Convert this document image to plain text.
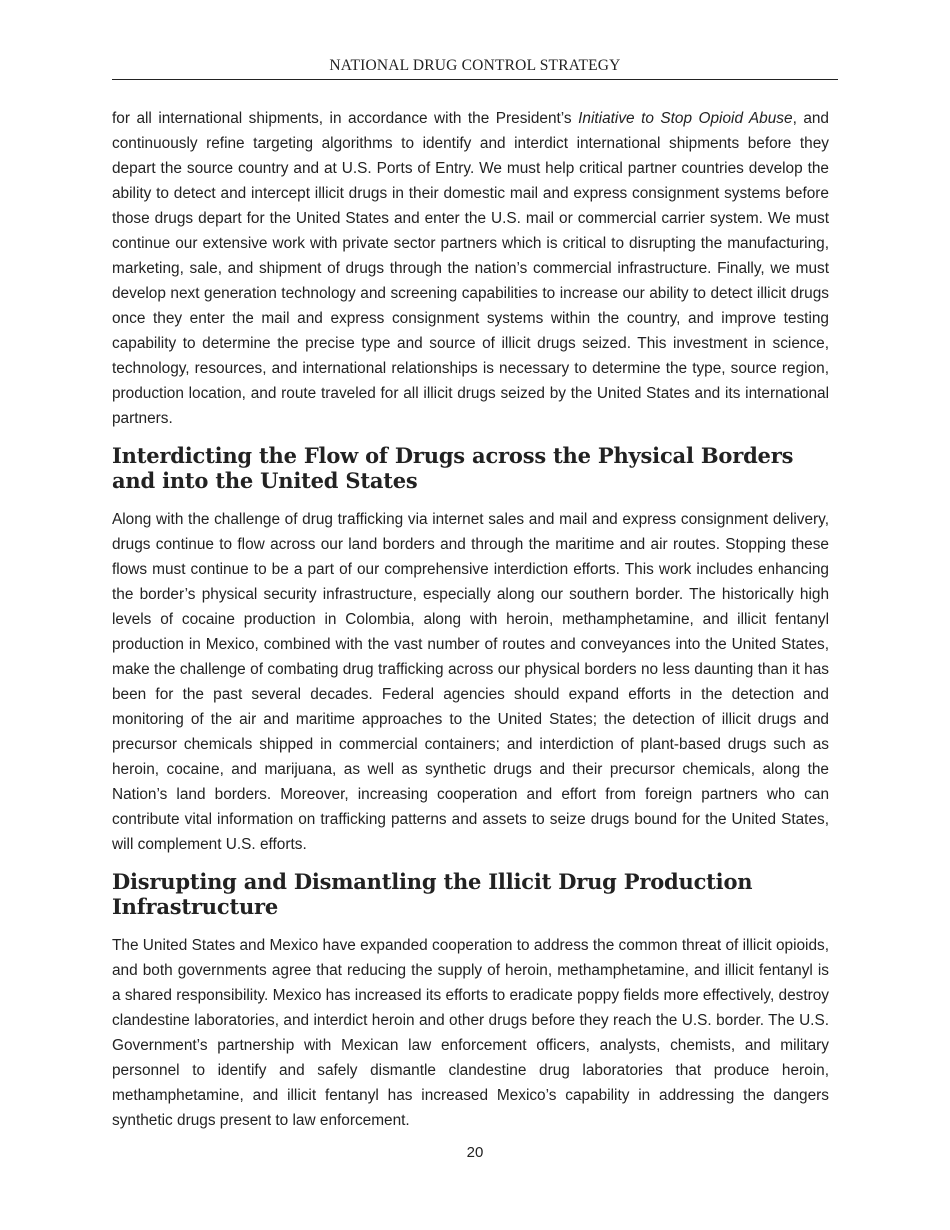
NATIONAL DRUG CONTROL STRATEGY

for all international shipments, in accordance with the President’s Initiative to Stop Opioid Abuse, and continuously refine targeting algorithms to identify and interdict international shipments before they depart the source country and at U.S. Ports of Entry. We must help critical partner countries develop the ability to detect and intercept illicit drugs in their domestic mail and express consignment systems before those drugs depart for the United States and enter the U.S. mail or commercial carrier system. We must continue our extensive work with private sector partners which is critical to disrupting the manufacturing, marketing, sale, and shipment of drugs through the nation’s commercial infrastructure. Finally, we must develop next generation technology and screening capabilities to increase our ability to detect illicit drugs once they enter the mail and express consignment systems within the country, and improve testing capability to determine the precise type and source of illicit drugs seized. This investment in science, technology, resources, and international relationships is necessary to determine the type, source region, production location, and route traveled for all illicit drugs seized by the United States and its international partners.

Interdicting the Flow of Drugs across the Physical Borders and into the United States

Along with the challenge of drug trafficking via internet sales and mail and express consignment delivery, drugs continue to flow across our land borders and through the maritime and air routes. Stopping these flows must continue to be a part of our comprehensive interdiction efforts. This work includes enhancing the border’s physical security infrastructure, especially along our southern border. The historically high levels of cocaine production in Colombia, along with heroin, methamphetamine, and illicit fentanyl production in Mexico, combined with the vast number of routes and conveyances into the United States, make the challenge of combating drug trafficking across our physical borders no less daunting than it has been for the past several decades. Federal agencies should expand efforts in the detection and monitoring of the air and maritime approaches to the United States; the detection of illicit drugs and precursor chemicals shipped in commercial containers; and interdiction of plant-based drugs such as heroin, cocaine, and marijuana, as well as synthetic drugs and their precursor chemicals, along the Nation’s land borders. Moreover, increasing cooperation and effort from foreign partners who can contribute vital information on trafficking patterns and assets to seize drugs bound for the United States, will complement U.S. efforts.

Disrupting and Dismantling the Illicit Drug Production Infrastructure

The United States and Mexico have expanded cooperation to address the common threat of illicit opioids, and both governments agree that reducing the supply of heroin, methamphetamine, and illicit fentanyl is a shared responsibility. Mexico has increased its efforts to eradicate poppy fields more effectively, destroy clandestine laboratories, and interdict heroin and other drugs before they reach the U.S. border. The U.S. Government’s partnership with Mexican law enforcement officers, analysts, chemists, and military personnel to identify and safely dismantle clandestine drug laboratories that produce heroin, methamphetamine, and illicit fentanyl has increased Mexico’s capability in addressing the dangers synthetic drugs present to law enforcement.

20
